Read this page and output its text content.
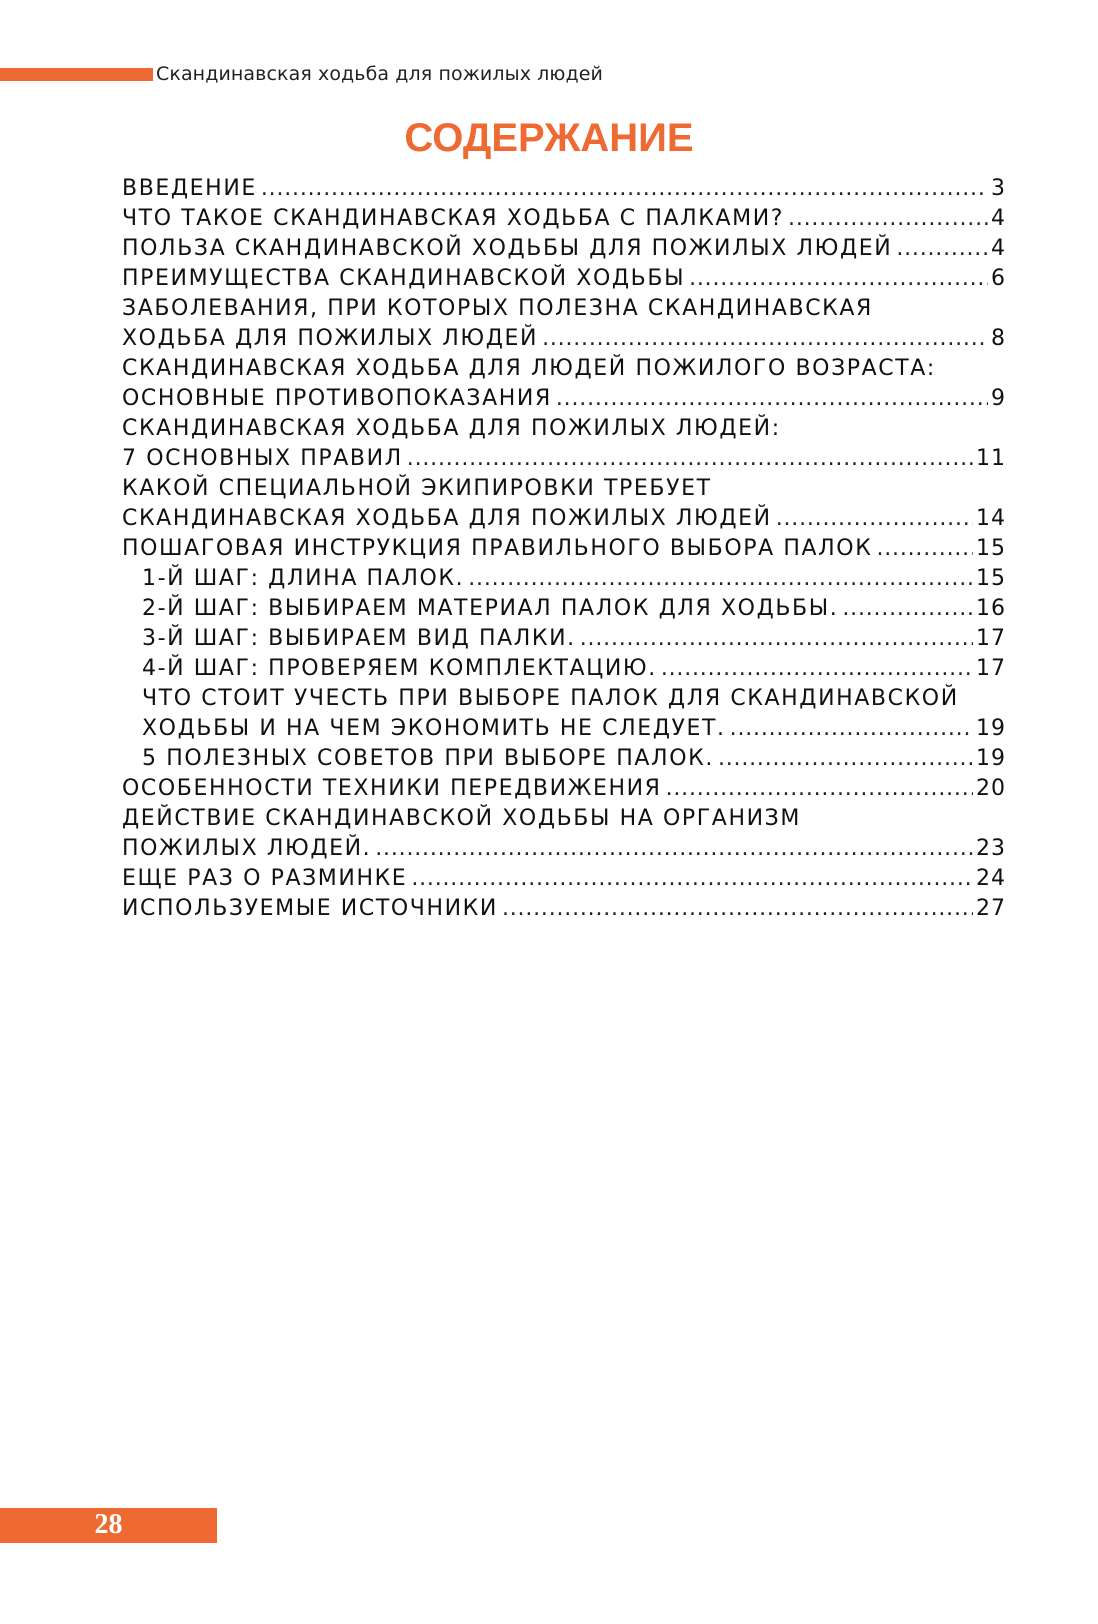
Скандинавская ходьба для пожилых людей
СОДЕРЖАНИЕ
ВВЕДЕНИЕ .....	3
ЧТО ТАКОЕ СКАНДИНАВСКАЯ ХОДЬБА С ПАЛКАМИ? .....	4
ПОЛЬЗА СКАНДИНАВСКОЙ ХОДЬБЫ ДЛЯ ПОЖИЛЫХ ЛЮДЕЙ .....	4
ПРЕИМУЩЕСТВА СКАНДИНАВСКОЙ ХОДЬБЫ .....	6
ЗАБОЛЕВАНИЯ, ПРИ КОТОРЫХ ПОЛЕЗНА СКАНДИНАВСКАЯ
ХОДЬБА ДЛЯ ПОЖИЛЫХ ЛЮДЕЙ .....	8
СКАНДИНАВСКАЯ ХОДЬБА ДЛЯ ЛЮДЕЙ ПОЖИЛОГО ВОЗРАСТА:
ОСНОВНЫЕ ПРОТИВОПОКАЗАНИЯ .....	9
СКАНДИНАВСКАЯ ХОДЬБА ДЛЯ ПОЖИЛЫХ ЛЮДЕЙ:
7 ОСНОВНЫХ ПРАВИЛ .....	11
КАКОЙ СПЕЦИАЛЬНОЙ ЭКИПИРОВКИ ТРЕБУЕТ
СКАНДИНАВСКАЯ ХОДЬБА ДЛЯ ПОЖИЛЫХ ЛЮДЕЙ .....	14
ПОШАГОВАЯ ИНСТРУКЦИЯ ПРАВИЛЬНОГО ВЫБОРА ПАЛОК .....	15
1-Й ШАГ: ДЛИНА ПАЛОК. .....	15
2-Й ШАГ: ВЫБИРАЕМ МАТЕРИАЛ ПАЛОК ДЛЯ ХОДЬБЫ. .....	16
3-Й ШАГ: ВЫБИРАЕМ ВИД ПАЛКИ. .....	17
4-Й ШАГ: ПРОВЕРЯЕМ КОМПЛЕКТАЦИЮ. .....	17
ЧТО СТОИТ УЧЕСТЬ ПРИ ВЫБОРЕ ПАЛОК ДЛЯ СКАНДИНАВСКОЙ
ХОДЬБЫ И НА ЧЕМ ЭКОНОМИТЬ НЕ СЛЕДУЕТ. .....	19
5 ПОЛЕЗНЫХ СОВЕТОВ ПРИ ВЫБОРЕ ПАЛОК. .....	19
ОСОБЕННОСТИ ТЕХНИКИ ПЕРЕДВИЖЕНИЯ .....	20
ДЕЙСТВИЕ СКАНДИНАВСКОЙ ХОДЬБЫ НА ОРГАНИЗМ
ПОЖИЛЫХ ЛЮДЕЙ. .....	23
ЕЩЕ РАЗ О РАЗМИНКЕ .....	24
ИСПОЛЬЗУЕМЫЕ ИСТОЧНИКИ .....	27
28
